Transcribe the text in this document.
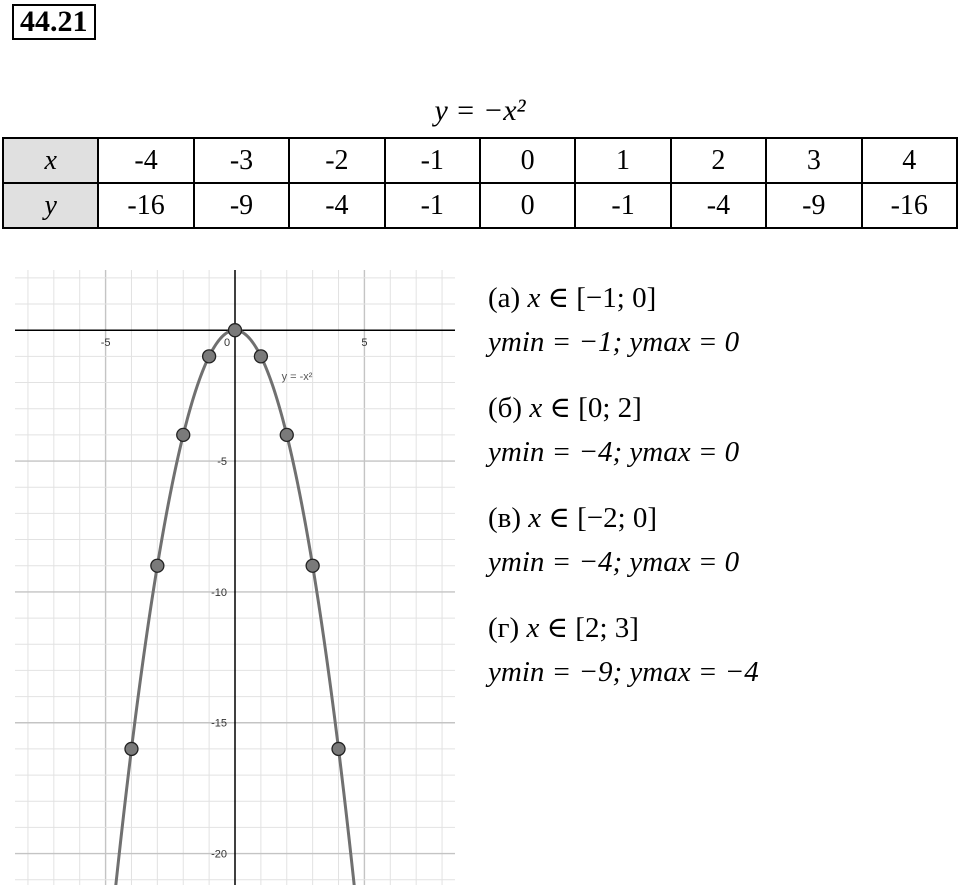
44.21
y = −x²
x	-4	-3	-2	-1	0	1	2	3	4
y	-16	-9	-4	-1	0	-1	-4	-9	-16
-5	0	5
-5
-10
-15
-20
y = -x²
(а) x ∈ [−1; 0]
ymin = −1; ymax = 0
(б) x ∈ [0; 2]
ymin = −4; ymax = 0
(в) x ∈ [−2; 0]
ymin = −4; ymax = 0
(г) x ∈ [2; 3]
ymin = −9; ymax = −4
